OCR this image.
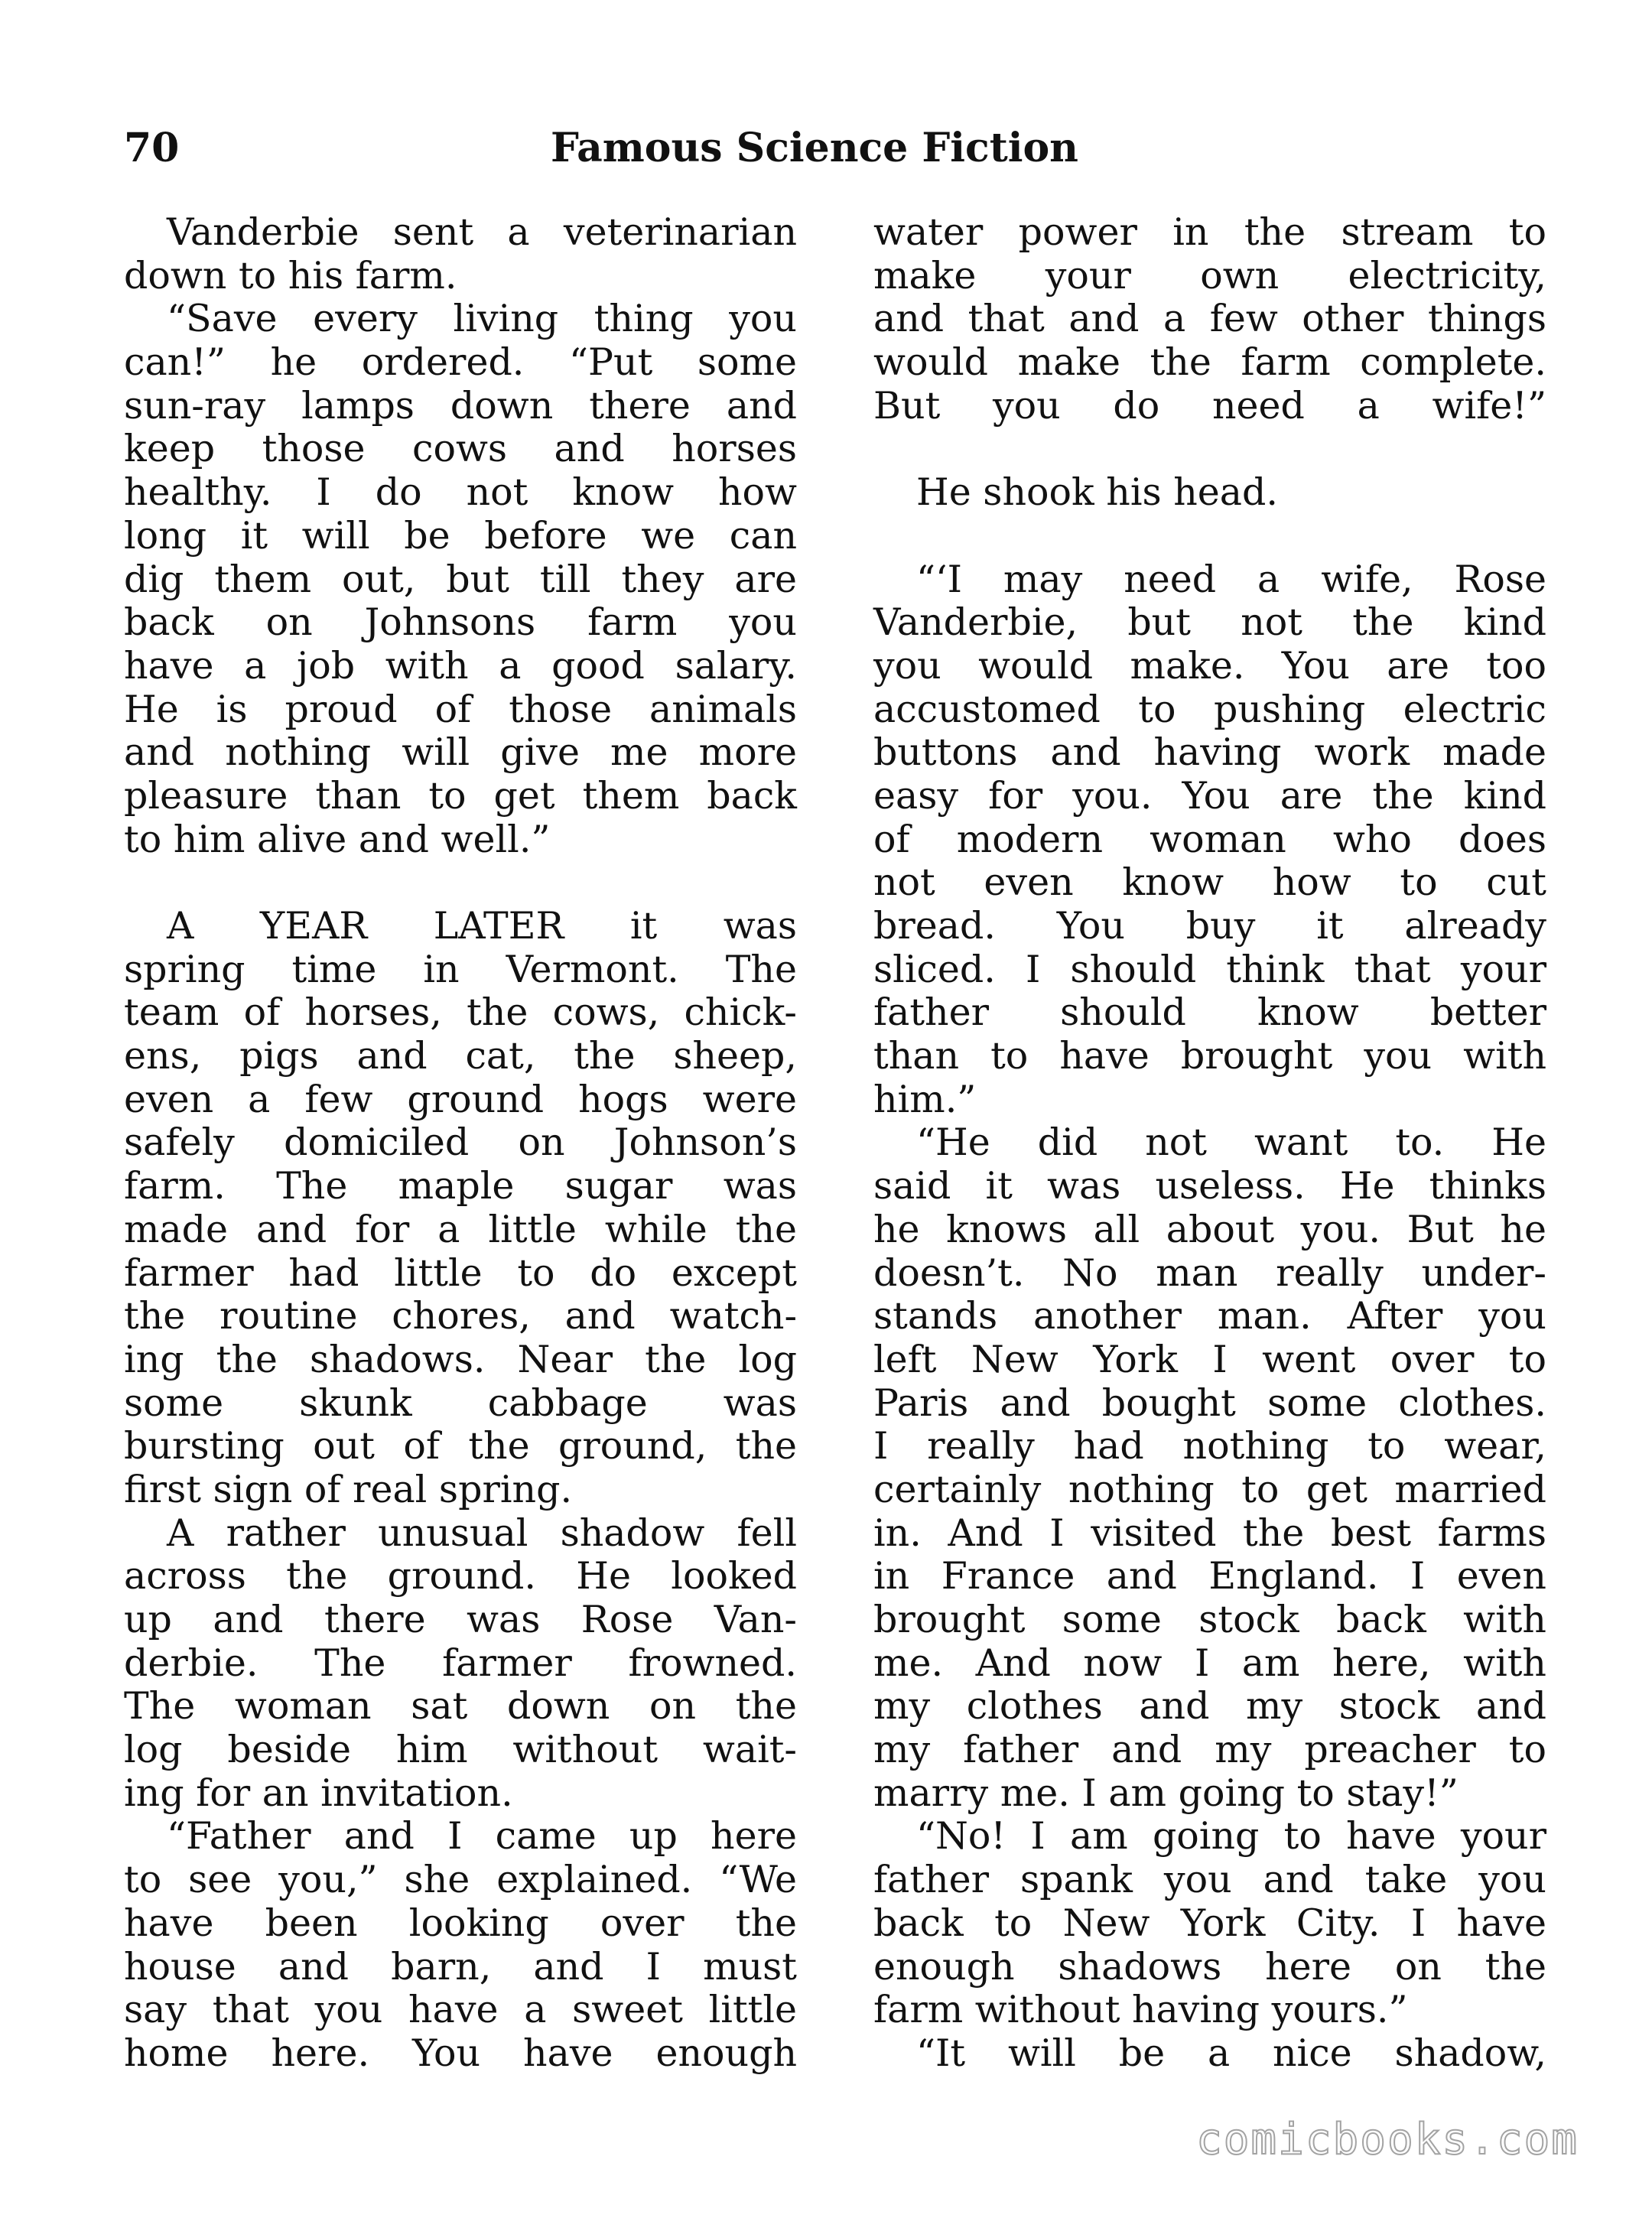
70	Famous Science Fiction
Vanderbie sent a veterinarian
down to his farm.
“Save every living thing you
can!” he ordered. “Put some
sun-ray lamps down there and
keep those cows and horses
healthy. I do not know how
long it will be before we can
dig them out, but till they are
back on Johnsons farm you
have a job with a good salary.
He is proud of those animals
and nothing will give me more
pleasure than to get them back
to him alive and well.”
A YEAR LATER it was
spring time in Vermont. The
team of horses, the cows, chick-
ens, pigs and cat, the sheep,
even a few ground hogs were
safely domiciled on Johnson’s
farm. The maple sugar was
made and for a little while the
farmer had little to do except
the routine chores, and watch-
ing the shadows. Near the log
some skunk cabbage was
bursting out of the ground, the
first sign of real spring.
A rather unusual shadow fell
across the ground. He looked
up and there was Rose Van-
derbie. The farmer frowned.
The woman sat down on the
log beside him without wait-
ing for an invitation.
“Father and I came up here
to see you,” she explained. “We
have been looking over the
house and barn, and I must
say that you have a sweet little
home here. You have enough
water power in the stream to
make your own electricity,
and that and a few other things
would make the farm complete.
But you do need a wife!”
He shook his head.
“‘I may need a wife, Rose
Vanderbie, but not the kind
you would make. You are too
accustomed to pushing electric
buttons and having work made
easy for you. You are the kind
of modern woman who does
not even know how to cut
bread. You buy it already
sliced. I should think that your
father should know better
than to have brought you with
him.”
“He did not want to. He
said it was useless. He thinks
he knows all about you. But he
doesn’t. No man really under-
stands another man. After you
left New York I went over to
Paris and bought some clothes.
I really had nothing to wear,
certainly nothing to get married
in. And I visited the best farms
in France and England. I even
brought some stock back with
me. And now I am here, with
my clothes and my stock and
my father and my preacher to
marry me. I am going to stay!”
“No! I am going to have your
father spank you and take you
back to New York City. I have
enough shadows here on the
farm without having yours.”
“It will be a nice shadow,
comicbooks.com
